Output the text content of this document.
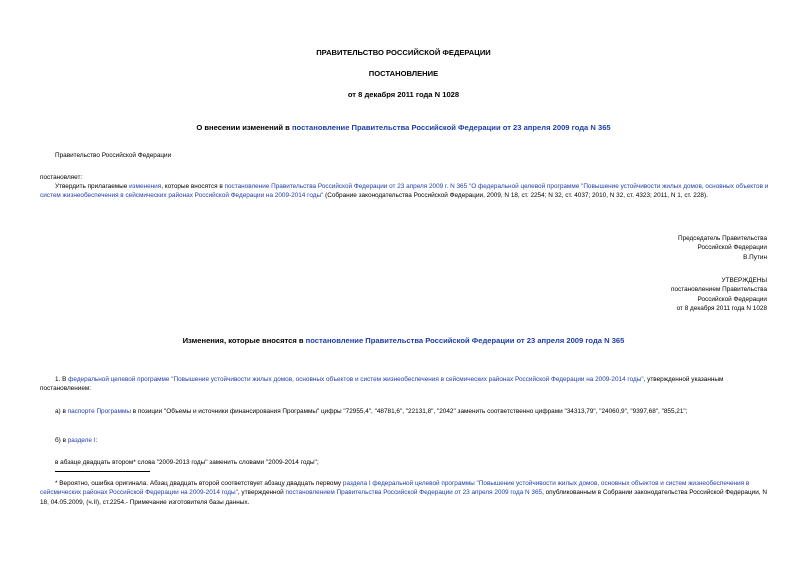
ПРАВИТЕЛЬСТВО РОССИЙСКОЙ ФЕДЕРАЦИИ
ПОСТАНОВЛЕНИЕ
от 8 декабря 2011 года N 1028
О внесении изменений в постановление Правительства Российской Федерации от 23 апреля 2009 года N 365
Правительство Российской Федерации
постановляет:
Утвердить прилагаемые изменения, которые вносятся в постановление Правительства Российской Федерации от 23 апреля 2009 г. N 365 "О федеральной целевой программе "Повышение устойчивости жилых домов, основных объектов и систем жизнеобеспечения в сейсмических районах Российской Федерации на 2009-2014 годы" (Собрание законодательства Российской Федерации, 2009, N 18, ст. 2254; N 32, ст. 4037; 2010, N 32, ст. 4323; 2011, N 1, ст. 228).
Председатель Правительства
Российской Федерации
В.Путин
УТВЕРЖДЕНЫ
постановлением Правительства
Российской Федерации
от 8 декабря 2011 года N 1028
Изменения, которые вносятся в постановление Правительства Российской Федерации от 23 апреля 2009 года N 365
1. В федеральной целевой программе "Повышение устойчивости жилых домов, основных объектов и систем жизнеобеспечения в сейсмических районах Российской Федерации на 2009-2014 годы", утвержденной указанным постановлением:
а) в паспорте Программы в позиции "Объемы и источники финансирования Программы" цифры "72955,4", "48781,6", "22131,8", "2042" заменить соответственно цифрами "34313,79", "24060,9", "9397,68", "855,21";
б) в разделе I:
в абзаце двадцать втором* слова "2009-2013 годы" заменить словами "2009-2014 годы";
* Вероятно, ошибка оригинала. Абзац двадцать второй соответствует абзацу двадцать первому раздела I федеральной целевой программы "Повышение устойчивости жилых домов, основных объектов и систем жизнеобеспечения в сейсмических районах Российской Федерации на 2009-2014 годы", утвержденной постановлением Правительства Российской Федерации от 23 апреля 2009 года N 365, опубликованным в Собрании законодательства Российской Федерации, N 18, 04.05.2009, (ч.II), ст.2254.- Примечание изготовителя базы данных.
